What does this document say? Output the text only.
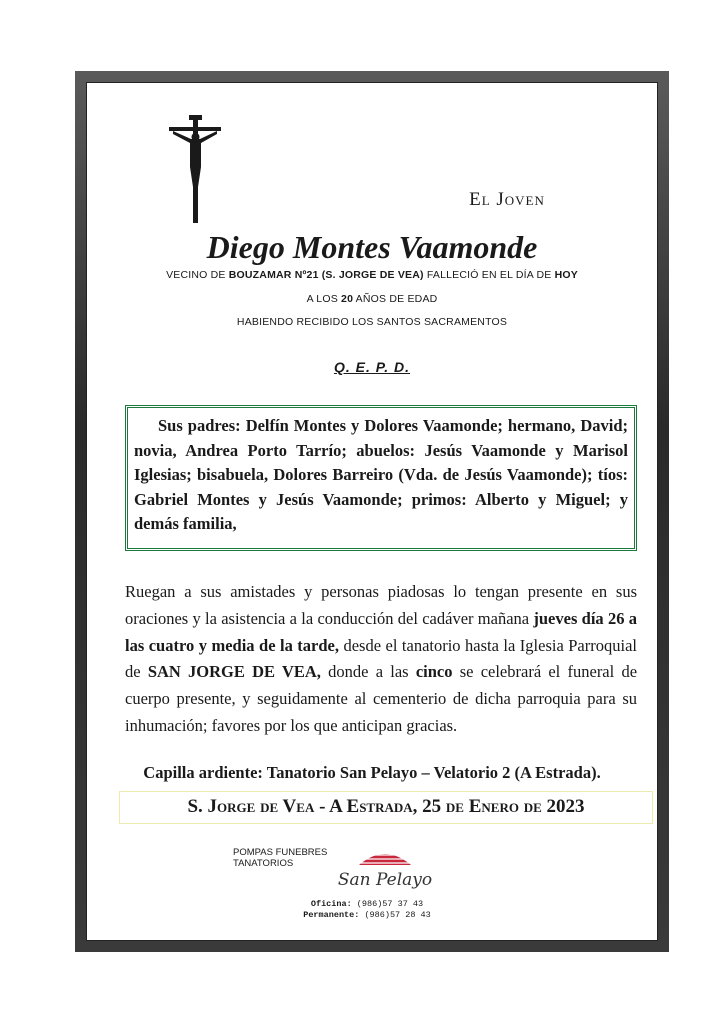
El Joven
Diego Montes Vaamonde
VECINO DE BOUZAMAR Nº21 (S. JORGE DE VEA) FALLECIÓ EN EL DÍA DE HOY
A LOS 20 AÑOS DE EDAD
HABIENDO RECIBIDO LOS SANTOS SACRAMENTOS
Q. E. P. D.
Sus padres: Delfín Montes y Dolores Vaamonde; hermano, David; novia, Andrea Porto Tarrío; abuelos: Jesús Vaamonde y Marisol Iglesias; bisabuela, Dolores Barreiro (Vda. de Jesús Vaamonde); tíos: Gabriel Montes y Jesús Vaamonde; primos: Alberto y Miguel; y demás familia,
Ruegan a sus amistades y personas piadosas lo tengan presente en sus oraciones y la asistencia a la conducción del cadáver mañana jueves día 26 a las cuatro y media de la tarde, desde el tanatorio hasta la Iglesia Parroquial de SAN JORGE DE VEA, donde a las cinco se celebrará el funeral de cuerpo presente, y seguidamente al cementerio de dicha parroquia para su inhumación; favores por los que anticipan gracias.
Capilla ardiente: Tanatorio San Pelayo – Velatorio 2 (A Estrada).
S. Jorge de Vea - A Estrada, 25 de Enero de 2023
POMPAS FUNEBRES
TANATORIOS
San Pelayo
Oficina: (986)57 37 43
Permanente: (986)57 28 43
